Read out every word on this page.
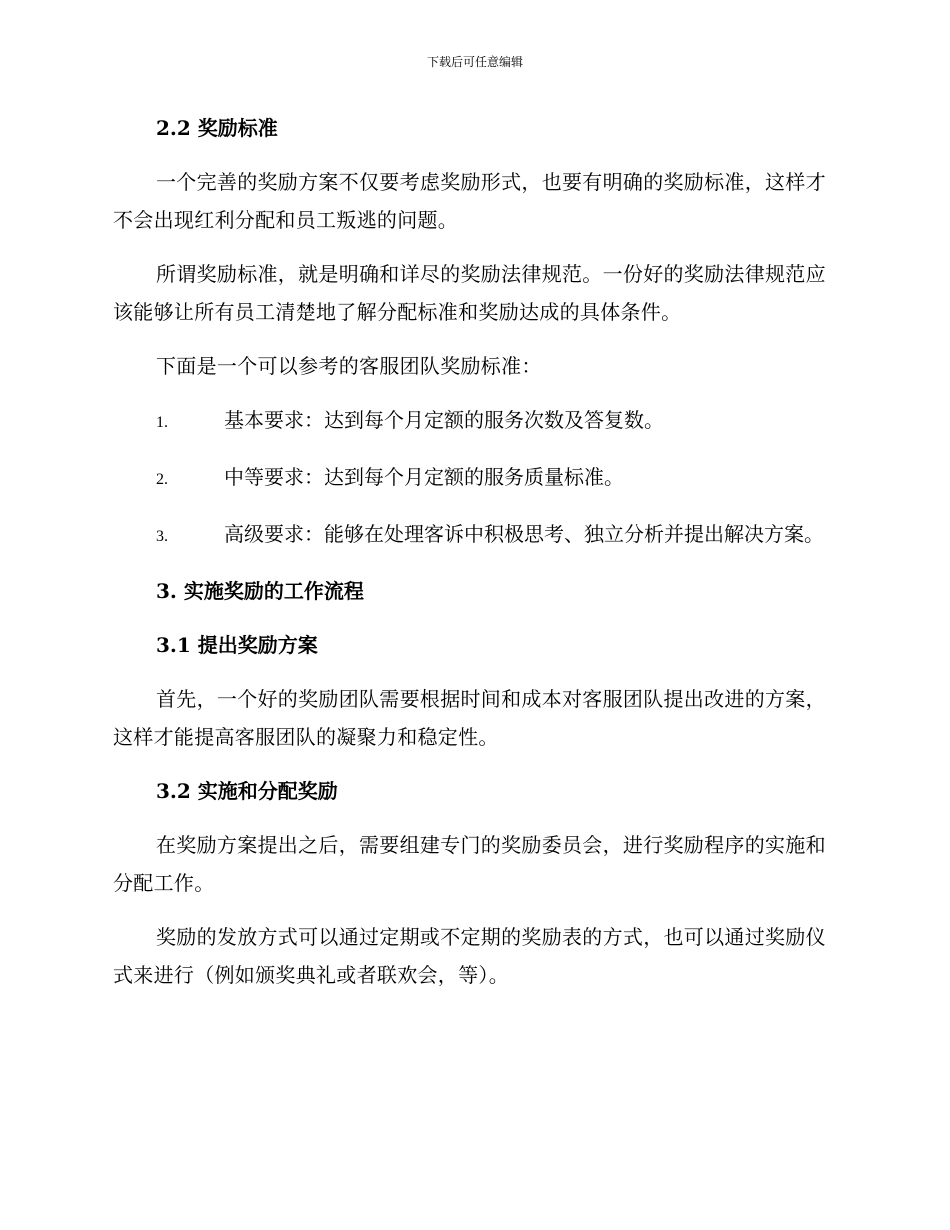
下载后可任意编辑

2.2 奖励标准

一个完善的奖励方案不仅要考虑奖励形式，也要有明确的奖励标准，这样才不会出现红利分配和员工叛逃的问题。

所谓奖励标准，就是明确和详尽的奖励法律规范。一份好的奖励法律规范应该能够让所有员工清楚地了解分配标准和奖励达成的具体条件。

下面是一个可以参考的客服团队奖励标准：

1.	基本要求：达到每个月定额的服务次数及答复数。

2.	中等要求：达到每个月定额的服务质量标准。

3.	高级要求：能够在处理客诉中积极思考、独立分析并提出解决方案。

3. 实施奖励的工作流程

3.1 提出奖励方案

首先，一个好的奖励团队需要根据时间和成本对客服团队提出改进的方案，这样才能提高客服团队的凝聚力和稳定性。

3.2 实施和分配奖励

在奖励方案提出之后，需要组建专门的奖励委员会，进行奖励程序的实施和分配工作。

奖励的发放方式可以通过定期或不定期的奖励表的方式，也可以通过奖励仪式来进行（例如颁奖典礼或者联欢会，等）。
